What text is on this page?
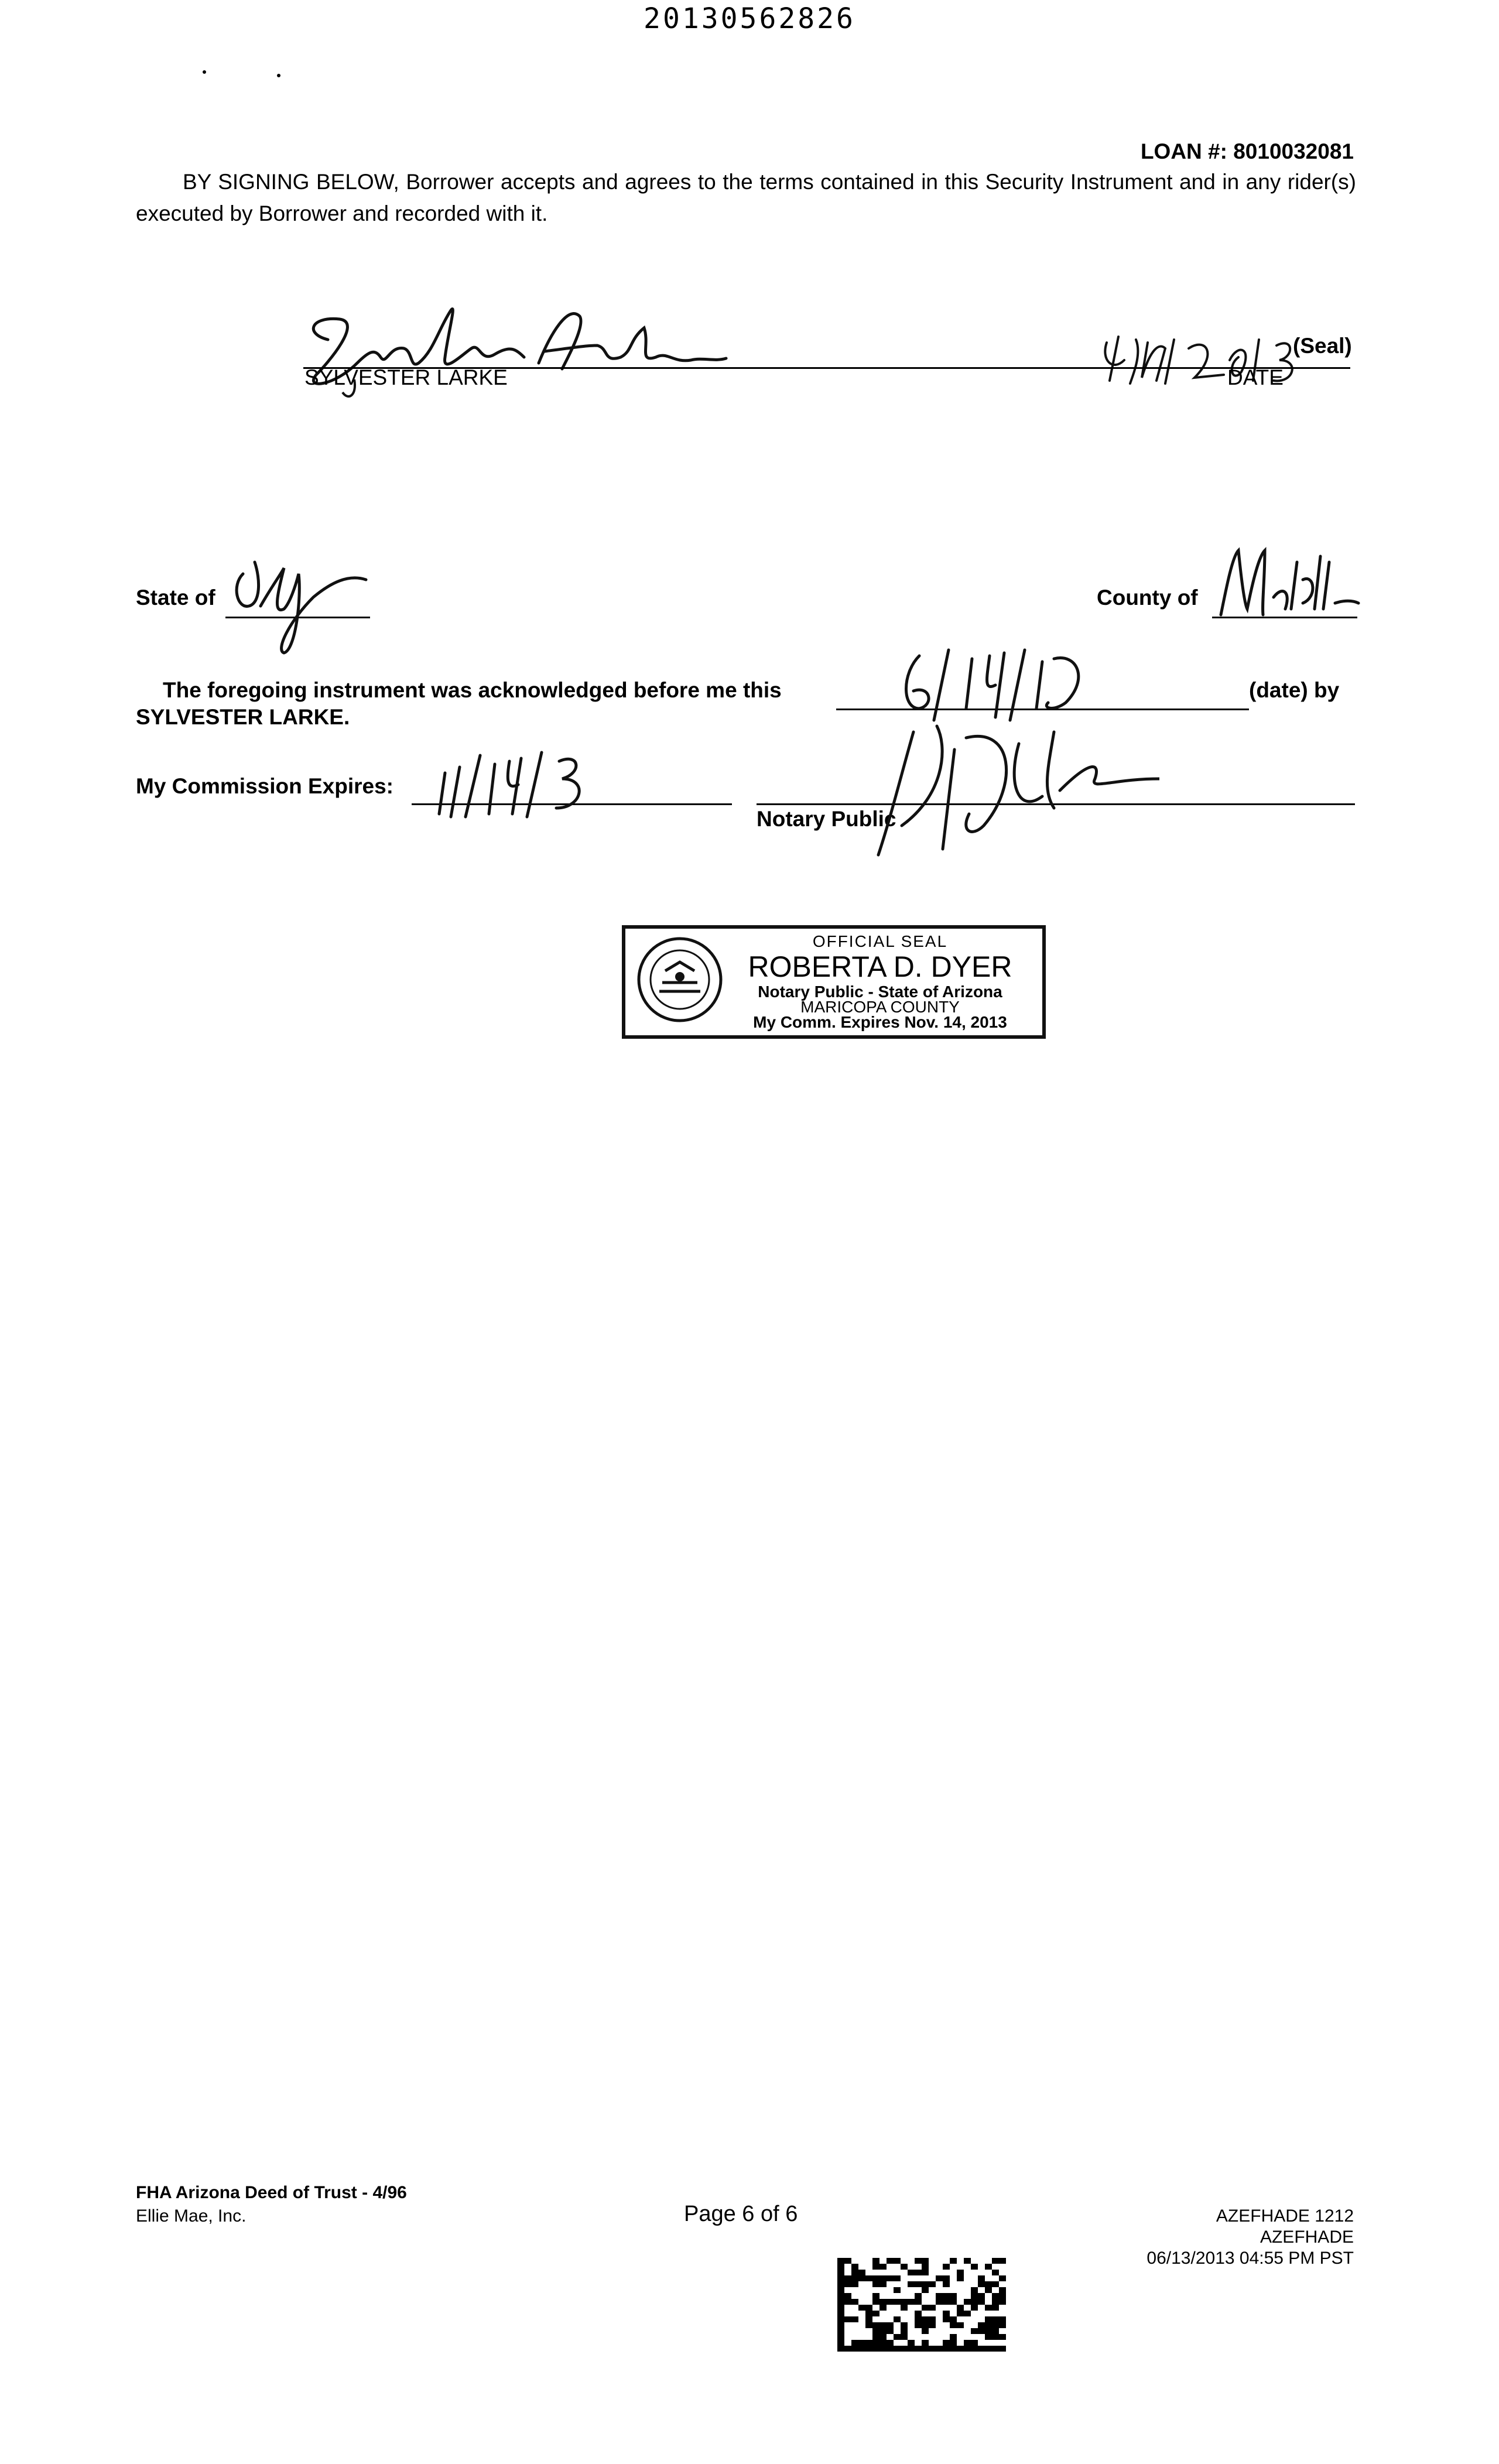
20130562826
LOAN #: 8010032081
BY SIGNING BELOW, Borrower accepts and agrees to the terms contained in this Security Instrument and in any rider(s) executed by Borrower and recorded with it.
(Seal)
SYLVESTER LARKE	DATE
State of	County of
The foregoing instrument was acknowledged before me this	(date) by
SYLVESTER LARKE.
My Commission Expires:
Notary Public
OFFICIAL SEAL
ROBERTA D. DYER
Notary Public - State of Arizona
MARICOPA COUNTY
My Comm. Expires Nov. 14, 2013
FHA Arizona Deed of Trust - 4/96
Ellie Mae, Inc.	Page 6 of 6	AZEFHADE 1212
AZEFHADE
06/13/2013 04:55 PM PST
